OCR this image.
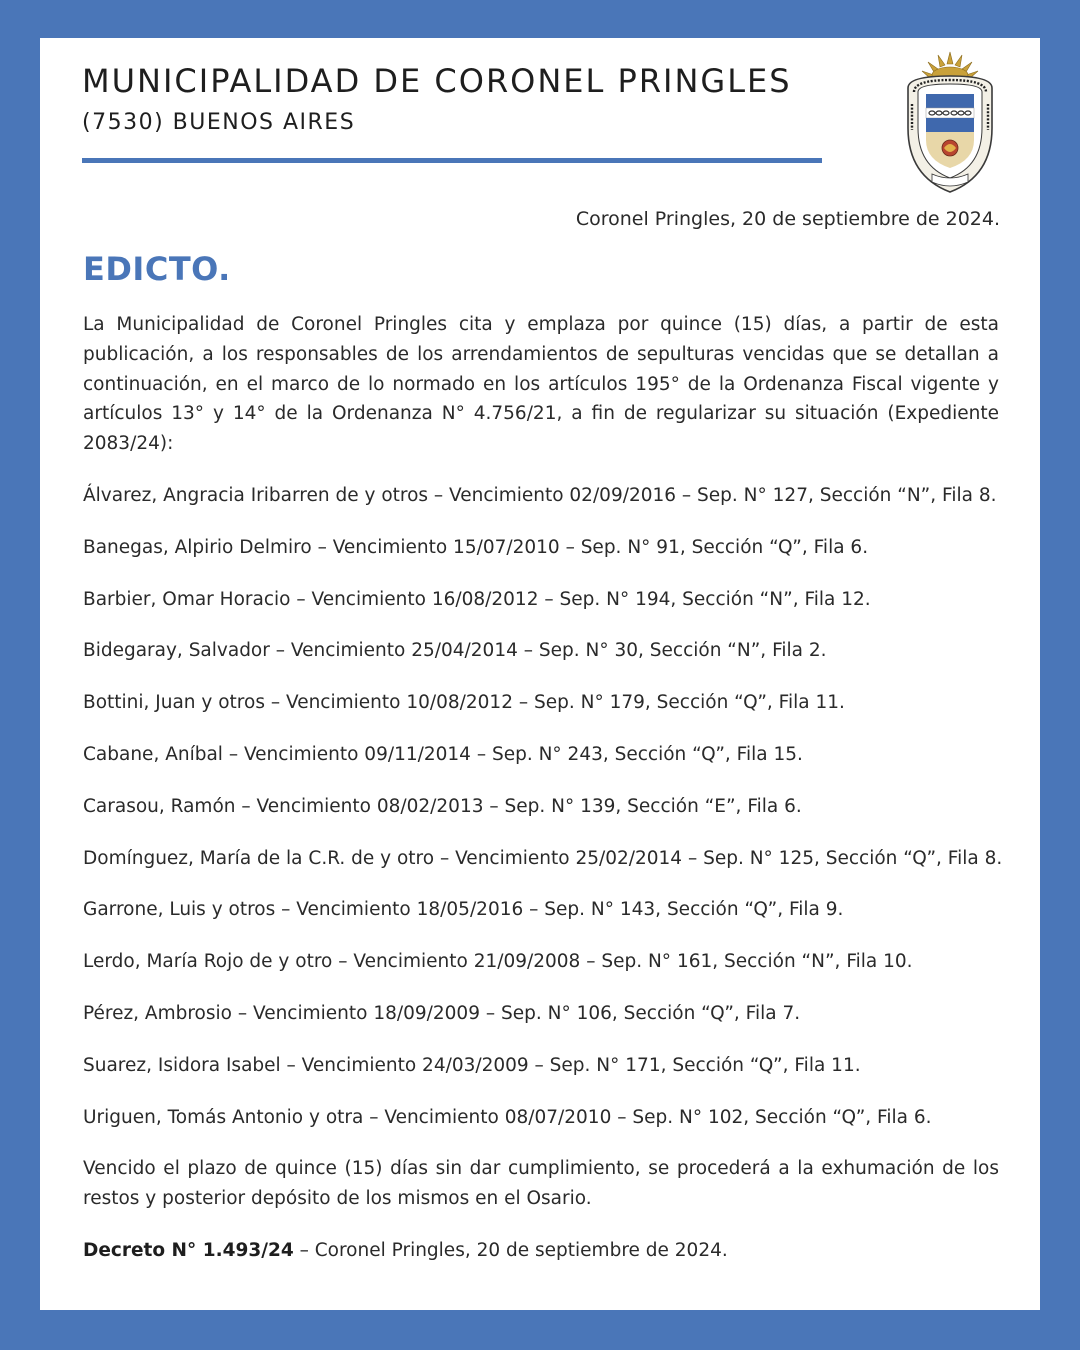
MUNICIPALIDAD DE CORONEL PRINGLES

(7530) BUENOS AIRES

Coronel Pringles, 20 de septiembre de 2024.

EDICTO.

La Municipalidad de Coronel Pringles cita y emplaza por quince (15) días, a partir de esta publicación, a los responsables de los arrendamientos de sepulturas vencidas que se detallan a continuación, en el marco de lo normado en los artículos 195° de la Ordenanza Fiscal vigente y artículos 13° y 14° de la Ordenanza N° 4.756/21, a fin de regularizar su situación (Expediente 2083/24):

Álvarez, Angracia Iribarren de y otros – Vencimiento 02/09/2016 – Sep. N° 127, Sección “N”, Fila 8.
Banegas, Alpirio Delmiro – Vencimiento 15/07/2010 – Sep. N° 91, Sección “Q”, Fila 6.
Barbier, Omar Horacio – Vencimiento 16/08/2012 – Sep. N° 194, Sección “N”, Fila 12.
Bidegaray, Salvador – Vencimiento 25/04/2014 – Sep. N° 30, Sección “N”, Fila 2.
Bottini, Juan y otros – Vencimiento 10/08/2012 – Sep. N° 179, Sección “Q”, Fila 11.
Cabane, Aníbal – Vencimiento 09/11/2014 – Sep. N° 243, Sección “Q”, Fila 15.
Carasou, Ramón – Vencimiento 08/02/2013 – Sep. N° 139, Sección “E”, Fila 6.
Domínguez, María de la C.R. de y otro – Vencimiento 25/02/2014 – Sep. N° 125, Sección “Q”, Fila 8.
Garrone, Luis y otros – Vencimiento 18/05/2016 – Sep. N° 143, Sección “Q”, Fila 9.
Lerdo, María Rojo de y otro – Vencimiento 21/09/2008 – Sep. N° 161, Sección “N”, Fila 10.
Pérez, Ambrosio – Vencimiento 18/09/2009 – Sep. N° 106, Sección “Q”, Fila 7.
Suarez, Isidora Isabel – Vencimiento 24/03/2009 – Sep. N° 171, Sección “Q”, Fila 11.
Uriguen, Tomás Antonio y otra – Vencimiento 08/07/2010 – Sep. N° 102, Sección “Q”, Fila 6.

Vencido el plazo de quince (15) días sin dar cumplimiento, se procederá a la exhumación de los restos y posterior depósito de los mismos en el Osario.

Decreto N° 1.493/24 – Coronel Pringles, 20 de septiembre de 2024.
